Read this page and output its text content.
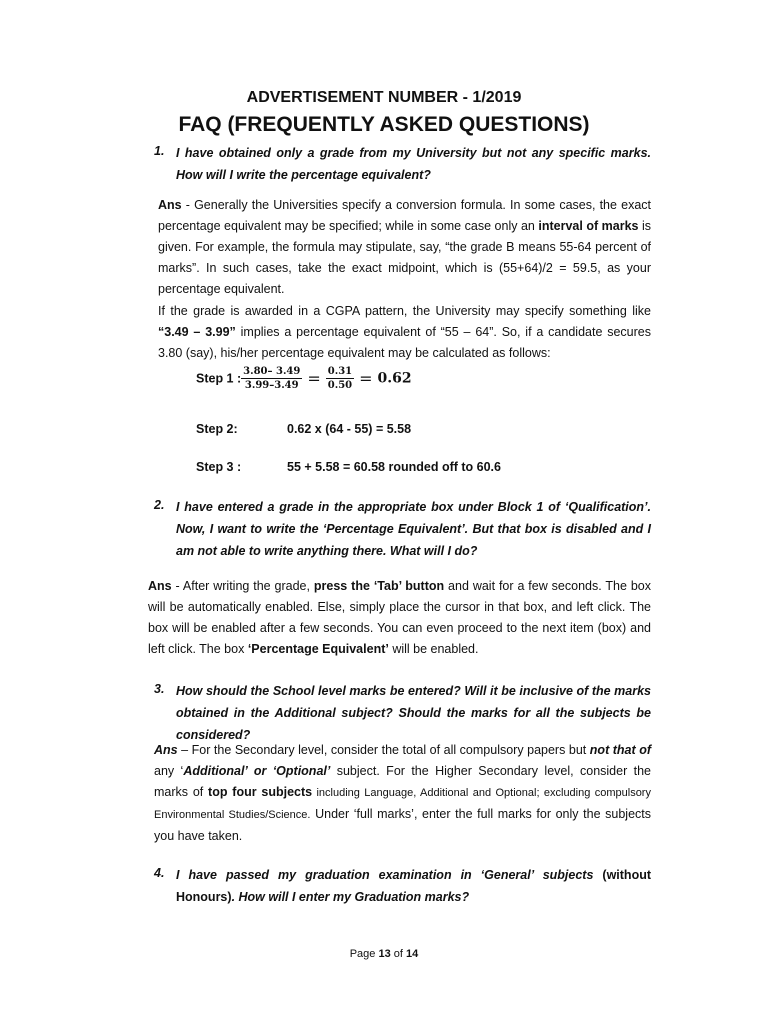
ADVERTISEMENT NUMBER - 1/2019
FAQ (FREQUENTLY ASKED QUESTIONS)
1. I have obtained only a grade from my University but not any specific marks. How will I write the percentage equivalent?
Ans - Generally the Universities specify a conversion formula. In some cases, the exact percentage equivalent may be specified; while in some case only an interval of marks is given. For example, the formula may stipulate, say, “the grade B means 55-64 percent of marks”. In such cases, take the exact midpoint, which is (55+64)/2 = 59.5, as your percentage equivalent.
If the grade is awarded in a CGPA pattern, the University may specify something like “3.49 – 3.99” implies a percentage equivalent of “55 – 64”. So, if a candidate secures 3.80 (say), his/her percentage equivalent may be calculated as follows:
Step 1 : $\frac{3.80- 3.49}{3.99-3.49} = \frac{0.31}{0.50} = 0.62$
Step 2:	0.62 x (64 - 55) = 5.58
Step 3 :	55 + 5.58 = 60.58 rounded off to 60.6
2. I have entered a grade in the appropriate box under Block 1 of ‘Qualification’. Now, I want to write the ‘Percentage Equivalent’. But that box is disabled and I am not able to write anything there. What will I do?
Ans - After writing the grade, press the ‘Tab’ button and wait for a few seconds. The box will be automatically enabled. Else, simply place the cursor in that box, and left click. The box will be enabled after a few seconds. You can even proceed to the next item (box) and left click. The box ‘Percentage Equivalent’ will be enabled.
3. How should the School level marks be entered? Will it be inclusive of the marks obtained in the Additional subject? Should the marks for all the subjects be considered?
Ans – For the Secondary level, consider the total of all compulsory papers but not that of any ‘Additional’ or ‘Optional’ subject. For the Higher Secondary level, consider the marks of top four subjects including Language, Additional and Optional; excluding compulsory Environmental Studies/Science. Under ‘full marks’, enter the full marks for only the subjects you have taken.
4. I have passed my graduation examination in ‘General’ subjects (without Honours). How will I enter my Graduation marks?
Page 13 of 14
